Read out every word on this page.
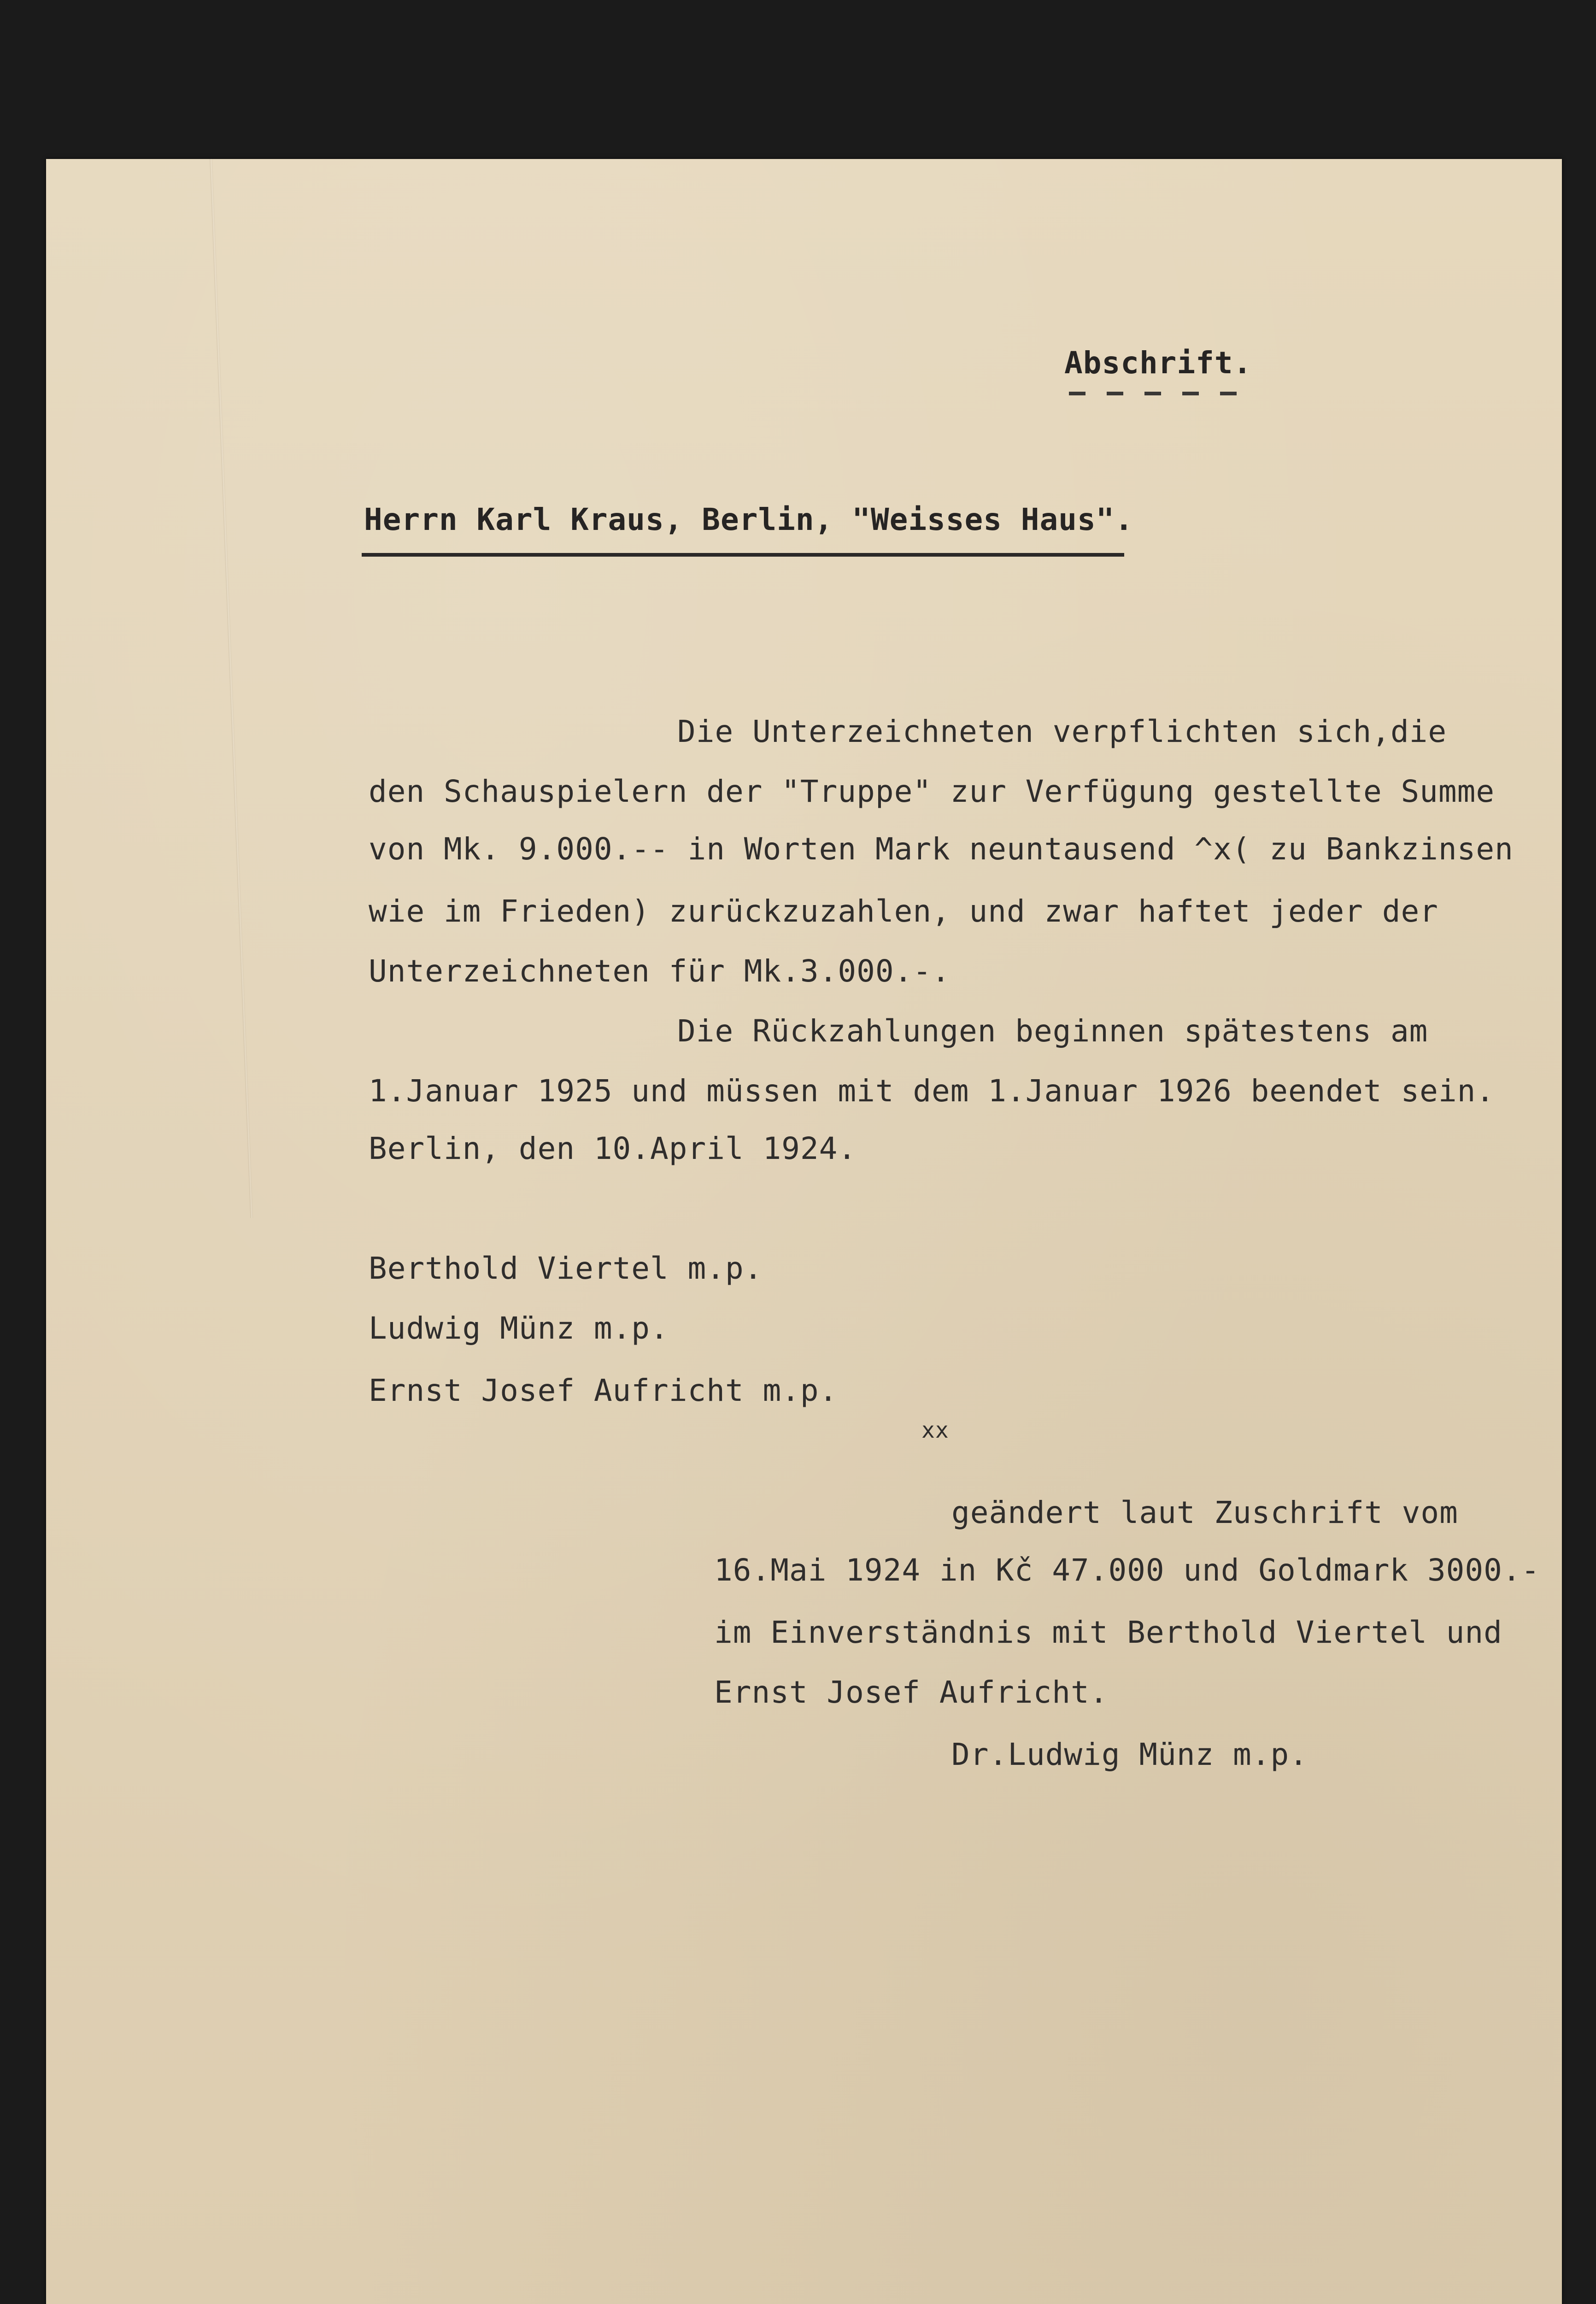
Abschrift.
Herrn Karl Kraus, Berlin, "Weisses Haus".
Die Unterzeichneten verpflichten sich,die
den Schauspielern der "Truppe" zur Verfügung gestellte Summe
von Mk. 9.000.-- in Worten Mark neuntausend ^x( zu Bankzinsen
wie im Frieden) zurückzuzahlen, und zwar haftet jeder der
Unterzeichneten für Mk.3.000.-.
Die Rückzahlungen beginnen spätestens am
1.Januar 1925 und müssen mit dem 1.Januar 1926 beendet sein.
Berlin, den 10.April 1924.
Berthold Viertel m.p.
Ludwig Münz m.p.
Ernst Josef Aufricht m.p.
xx
geändert laut Zuschrift vom
16.Mai 1924 in Kč 47.000 und Goldmark 3000.-
im Einverständnis mit Berthold Viertel und
Ernst Josef Aufricht.
Dr.Ludwig Münz m.p.
